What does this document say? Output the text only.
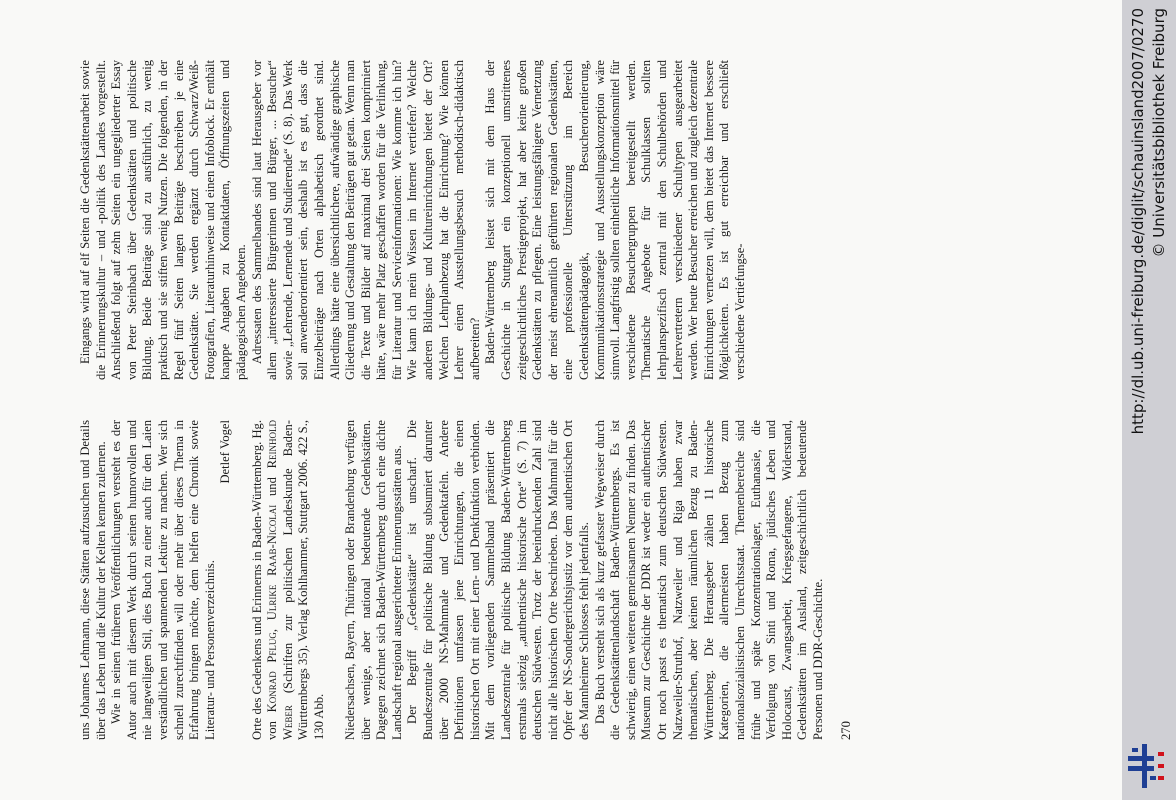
uns Johannes Lehmann, diese Stätten aufzusuchen und Details über das Leben und die Kultur der Kelten kennen zulernen. Wie in seinen früheren Veröffentlichungen versteht es der Autor auch mit diesem Werk durch seinen humorvollen und nie langweiligen Stil, dies Buch zu einer auch für den Laien verständlichen und spannenden Lektüre zu machen. Wer sich schnell zurechtfinden will oder mehr über dieses Thema in Erfahrung bringen möchte, dem helfen eine Chronik sowie Literatur- und Personenverzeichnis.

Detlef Vogel Orte des Gedenkens und Erinnerns in Baden-Württemberg. Hg. von Konrad Pflug, Ulrike Raab-Nicolai und Reinhold Weber (Schriften zur politischen Landeskunde Baden-Württembergs 35). Verlag Kohlhammer, Stuttgart 2006. 422 S., 130 Abb. Niedersachsen, Bayern, Thüringen oder Brandenburg verfügen über wenige, aber national bedeutende Gedenkstätten. Dagegen zeichnet sich Baden-Württemberg durch eine dichte Landschaft regional ausgerichteter Erinnerungsstätten aus. Der Begriff „Gedenkstätte“ ist unscharf. Die Bundeszentrale für politische Bildung subsumiert darunter über 2000 NS-Mahnmale und Gedenktafeln. Andere Definitionen umfassen jene Einrichtungen, die einen historischen Ort mit einer Lern- und Denkfunktion verbinden. Mit dem vorliegenden Sammelband präsentiert die Landeszentrale für politische Bildung Baden-Württemberg erstmals siebzig „authentische historische Orte“ (S. 7) im deutschen Südwesten. Trotz der beeindruckenden Zahl sind nicht alle historischen Orte beschrieben. Das Mahnmal für die Opfer der NS-Sondergerichtsjustiz vor dem authentischen Ort des Mannheimer Schlosses fehlt jedenfalls. Das Buch versteht sich als kurz gefasster Wegweiser durch die Gedenkstättenlandschaft Baden-Württembergs. Es ist schwierig, einen weiteren gemeinsamen Nenner zu finden. Das Museum zur Geschichte der DDR ist weder ein authentischer Ort noch passt es thematisch zum deutschen Südwesten. Natzweiler-Struthof, Natzweiler und Riga haben zwar thematischen, aber keinen räumlichen Bezug zu Baden-Württemberg. Die Herausgeber zählen 11 historische Kategorien, die allermeisten haben Bezug zum nationalsozialistischen Unrechtsstaat. Themenbereiche sind frühe und späte Konzentrationslager, Euthanasie, die Verfolgung von Sinti und Roma, jüdisches Leben und Holocaust, Zwangsarbeit, Kriegsgefangene, Widerstand, Gedenkstätten im Ausland, zeitgeschichtlich bedeutende Personen und DDR-Geschichte. 270

Eingangs wird auf elf Seiten die Gedenkstättenarbeit sowie die Erinnerungskultur – und -politik des Landes vorgestellt. Anschließend folgt auf zehn Seiten ein ungegliederter Essay von Peter Steinbach über Gedenkstätten und politische Bildung. Beide Beiträge sind zu ausführlich, zu wenig praktisch und sie stiften wenig Nutzen. Die folgenden, in der Regel fünf Seiten langen Beiträge beschreiben je eine Gedenkstätte. Sie werden ergänzt durch Schwarz/Weiß-Fotografien, Literaturhinweise und einen Infoblock. Er enthält knappe Angaben zu Kontaktdaten, Öffnungszeiten und pädagogischen Angeboten. Adressaten des Sammelbandes sind laut Herausgeber vor allem „interessierte Bürgerinnen und Bürger, ... Besucher“ sowie „Lehrende, Lernende und Studierende“ (S. 8). Das Werk soll anwenderorientiert sein, deshalb ist es gut, dass die Einzelbeiträge nach Orten alphabetisch geordnet sind. Allerdings hätte eine übersichtlichere, aufwändige graphische Gliederung und Gestaltung den Beiträgen gut getan. Wenn man die Texte und Bilder auf maximal drei Seiten komprimiert hätte, wäre mehr Platz geschaffen worden für die Verlinkung, für Literatur und Serviceinformationen: Wie komme ich hin? Wie kann ich mein Wissen im Internet vertiefen? Welche anderen Bildungs- und Kultureinrichtungen bietet der Ort? Welchen Lehrplanbezug hat die Einrichtung? Wie können Lehrer einen Ausstellungsbesuch methodisch-didaktisch aufbereiten? Baden-Württemberg leistet sich mit dem Haus der Geschichte in Stuttgart ein konzeptionell umstrittenes zeitgeschichtliches Prestigeprojekt, hat aber keine großen Gedenkstätten zu pflegen. Eine leistungsfähigere Vernetzung der meist ehrenamtlich geführten regionalen Gedenkstätten, eine professionelle Unterstützung im Bereich Gedenkstättenpädagogik, Besucherorientierung, Kommunikationsstrategie und Ausstellungskonzeption wäre sinnvoll. Langfristig sollten einheitliche Informationsmittel für verschiedene Besuchergruppen bereitgestellt werden. Thematische Angebote für Schulklassen sollten lehrplanspezifisch zentral mit den Schulbehörden und Lehrervertretern verschiedener Schultypen ausgearbeitet werden. Wer heute Besucher erreichen und zugleich dezentrale Einrichtungen vernetzen will, dem bietet das Internet bessere Möglichkeiten. Es ist gut erreichbar und erschließt verschiedene Vertiefungse-	http://dl.ub.uni-freiburg.de/diglit/schauinsland2007/0270 © Universitätsbibliothek Freiburg
